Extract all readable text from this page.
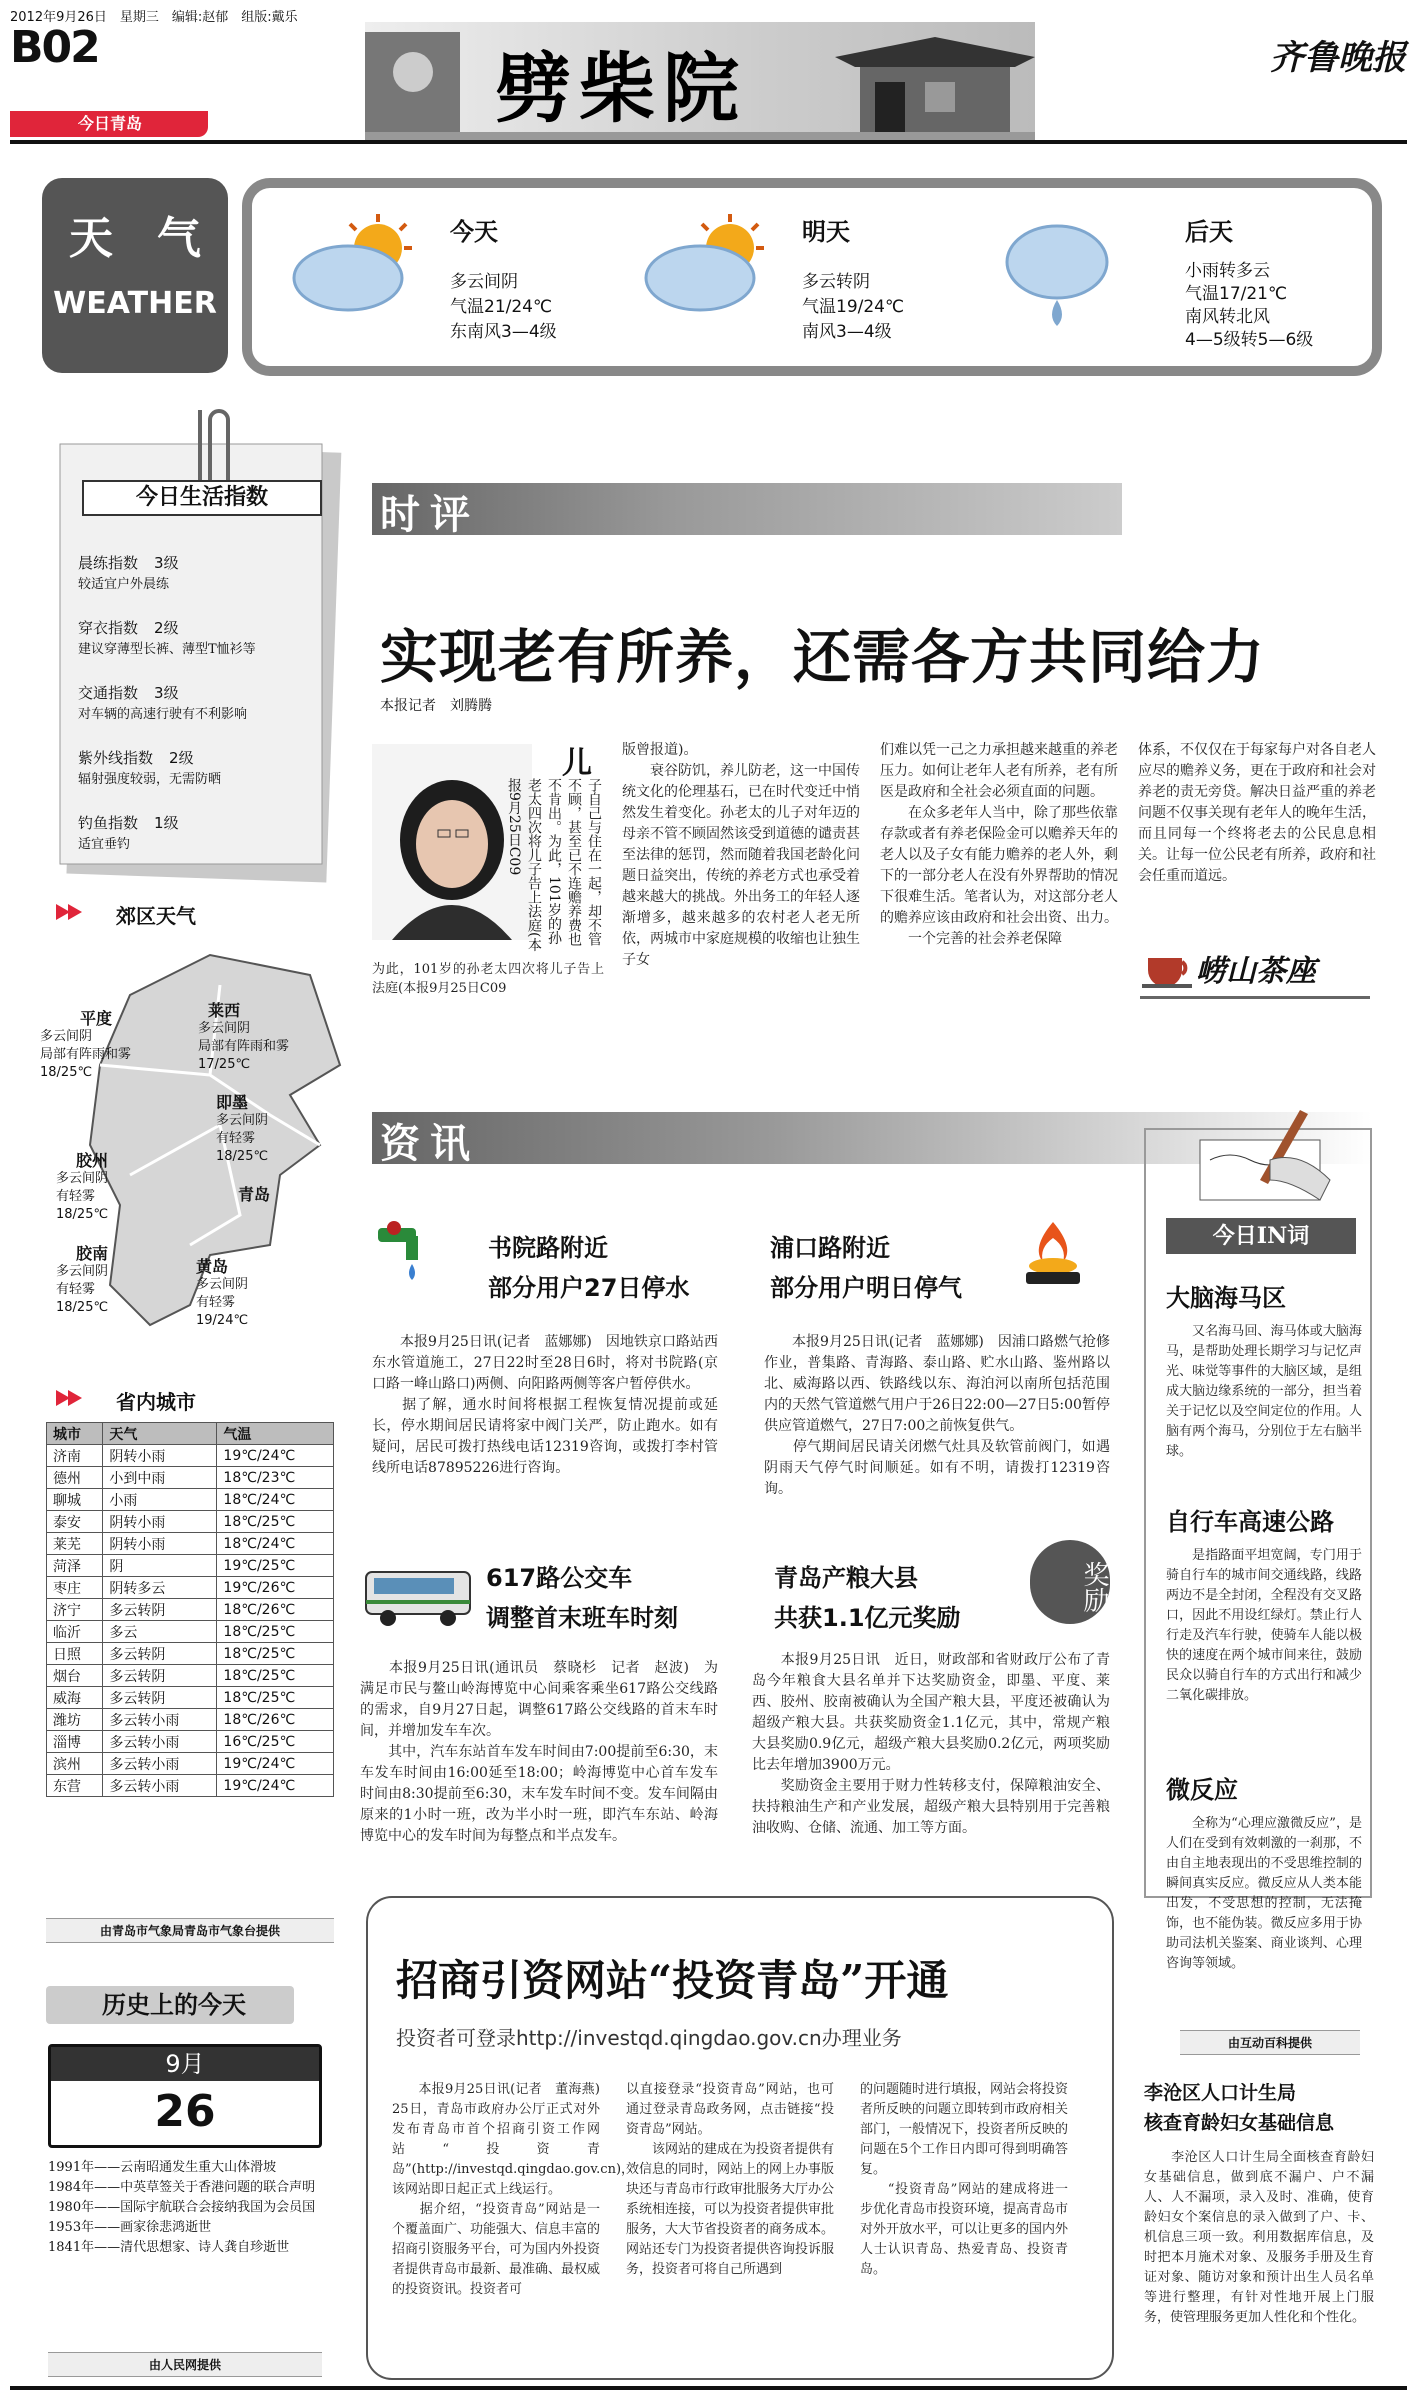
2012年9月26日　星期三　编辑:赵郁　组版:戴乐
B02
今日青岛	劈柴院	齐鲁晚报
天　气
WEATHER
今天
多云间阴
气温21/24℃
东南风3—4级
明天
多云转阴
气温19/24℃
南风3—4级
后天
小雨转多云
气温17/21℃
南风转北风
4—5级转5—6级
今日生活指数
晨练指数　 3级
较适宜户外晨练
穿衣指数　 2级
建议穿薄型长裤、薄型T恤衫等
交通指数　 3级
对车辆的高速行驶有不利影响
紫外线指数　 2级
辐射强度较弱，无需防晒
钓鱼指数　 1级
适宜垂钓
郊区天气
平度
多云间阴
局部有阵雨和雾
18/25℃
莱西
多云间阴
局部有阵雨和雾
17/25℃
即墨
多云间阴
有轻雾
18/25℃
胶州
多云间阴
有轻雾
18/25℃
青岛
胶南
多云间阴
有轻雾
18/25℃
黄岛
多云间阴
有轻雾
19/24℃
省内城市
城市	天气	气温
济南	阴转小雨	19℃/24℃
德州	小到中雨	18℃/23℃
聊城	小雨	18℃/24℃
泰安	阴转小雨	18℃/25℃
莱芜	阴转小雨	18℃/24℃
菏泽	阴	19℃/25℃
枣庄	阴转多云	19℃/26℃
济宁	多云转阴	18℃/26℃
临沂	多云	18℃/25℃
日照	多云转阴	18℃/25℃
烟台	多云转阴	18℃/25℃
威海	多云转阴	18℃/25℃
潍坊	多云转小雨	18℃/26℃
淄博	多云转小雨	16℃/25℃
滨州	多云转小雨	19℃/24℃
东营	多云转小雨	19℃/24℃
由青岛市气象局青岛市气象台提供
历史上的今天
9月
26
1991年——云南昭通发生重大山体滑坡
1984年——中英草签关于香港问题的联合声明
1980年——国际宇航联合会接纳我国为会员国
1953年——画家徐悲鸿逝世
1841年——清代思想家、诗人龚自珍逝世
由人民网提供
时评
实现老有所养，还需各方共同给力
本报记者　刘腾腾
儿
子自己与住在一起，却不管不顾，甚至已不连赡养费也不肯出。为此，101岁的孙老太四次将儿子告上法庭(本报9月25日C09
为此，101岁的孙老太四次将儿子告上法庭(本报9月25日C09
版曾报道)。
　　衰谷防饥，养儿防老，这一中国传统文化的伦理基石，已在时代变迁中悄然发生着变化。孙老太的儿子对年迈的母亲不管不顾固然该受到道德的谴责甚至法律的惩罚，然而随着我国老龄化问题日益突出，传统的养老方式也承受着越来越大的挑战。外出务工的年轻人逐渐增多，越来越多的农村老人老无所依，两城市中家庭规模的收缩也让独生子女
们难以凭一己之力承担越来越重的养老压力。如何让老年人老有所养，老有所医是政府和全社会必须直面的问题。
　　在众多老年人当中，除了那些依靠存款或者有养老保险金可以赡养天年的老人以及子女有能力赡养的老人外，剩下的一部分老人在没有外界帮助的情况下很难生活。笔者认为，对这部分老人的赡养应该由政府和社会出资、出力。
　　一个完善的社会养老保障
体系，不仅仅在于每家每户对各自老人应尽的赡养义务，更在于政府和社会对养老的责无旁贷。解决日益严重的养老问题不仅事关现有老年人的晚年生活，而且同每一个终将老去的公民息息相关。让每一位公民老有所养，政府和社会任重而道远。
崂山茶座
资讯
书院路附近
部分用户27日停水
　　本报9月25日讯(记者　蓝娜娜)　因地铁京口路站西东水管道施工，27日22时至28日6时，将对书院路(京口路一峰山路口)两侧、向阳路两侧等客户暂停供水。
　　据了解，通水时间将根据工程恢复情况提前或延长，停水期间居民请将家中阀门关严，防止跑水。如有疑问，居民可拨打热线电话12319咨询，或拨打李村管线所电话87895226进行咨询。
浦口路附近
部分用户明日停气
　　本报9月25日讯(记者　蓝娜娜)　因浦口路燃气抢修作业，普集路、青海路、泰山路、贮水山路、鉴州路以北、威海路以西、铁路线以东、海泊河以南所包括范围内的天然气管道燃气用户于26日22:00—27日5:00暂停供应管道燃气，27日7:00之前恢复供气。
　　停气期间居民请关闭燃气灶具及软管前阀门，如遇阴雨天气停气时间顺延。如有不明，请拨打12319咨询。
617路公交车
调整首末班车时刻
　　本报9月25日讯(通讯员　蔡晓杉　记者　赵波)　为满足市民与鳌山岭海博览中心间乘客乘坐617路公交线路的需求，自9月27日起，调整617路公交线路的首末车时间，并增加发车车次。
　　其中，汽车东站首车发车时间由7:00提前至6:30，末车发车时间由16:00延至18:00；岭海博览中心首车发车时间由8:30提前至6:30，末车发车时间不变。发车间隔由原来的1小时一班，改为半小时一班，即汽车东站、岭海博览中心的发车时间为每整点和半点发车。
青岛产粮大县
共获1.1亿元奖励
奖励
　　本报9月25日讯　近日，财政部和省财政厅公布了青岛今年粮食大县名单并下达奖励资金，即墨、平度、莱西、胶州、胶南被确认为全国产粮大县，平度还被确认为超级产粮大县。共获奖励资金1.1亿元，其中，常规产粮大县奖励0.9亿元，超级产粮大县奖励0.2亿元，两项奖励比去年增加3900万元。
　　奖励资金主要用于财力性转移支付，保障粮油安全、扶持粮油生产和产业发展，超级产粮大县特别用于完善粮油收购、仓储、流通、加工等方面。
招商引资网站“投资青岛”开通
投资者可登录http://investqd.qingdao.gov.cn办理业务
　　本报9月25日讯(记者　董海燕)　25日，青岛市政府办公厅正式对外发布青岛市首个招商引资工作网站“投资青岛”(http://investqd.qingdao.gov.cn)，该网站即日起正式上线运行。
　　据介绍，“投资青岛”网站是一个覆盖面广、功能强大、信息丰富的招商引资服务平台，可为国内外投资者提供青岛市最新、最准确、最权威的投资资讯。投资者可
以直接登录“投资青岛”网站，也可通过登录青岛政务网，点击链接“投资青岛”网站。
　　该网站的建成在为投资者提供有效信息的同时，网站上的网上办事版块还与青岛市行政审批服务大厅办公系统相连接，可以为投资者提供审批服务，大大节省投资者的商务成本。网站还专门为投资者提供咨询投诉服务，投资者可将自己所遇到
的问题随时进行填报，网站会将投资者所反映的问题立即转到市政府相关部门，一般情况下，投资者所反映的问题在5个工作日内即可得到明确答复。
　　“投资青岛”网站的建成将进一步优化青岛市投资环境，提高青岛市对外开放水平，可以让更多的国内外人士认识青岛、热爱青岛、投资青岛。
今日IN词
大脑海马区
又名海马回、海马体或大脑海马，是帮助处理长期学习与记忆声光、味觉等事件的大脑区域，是组成大脑边缘系统的一部分，担当着关于记忆以及空间定位的作用。人脑有两个海马，分别位于左右脑半球。
自行车高速公路
是指路面平坦宽阔，专门用于骑自行车的城市间交通线路，线路两边不是全封闭，全程没有交叉路口，因此不用设红绿灯。禁止行人行走及汽车行驶，使骑车人能以极快的速度在两个城市间来往，鼓励民众以骑自行车的方式出行和减少二氧化碳排放。
微反应
全称为“心理应激微反应”，是人们在受到有效刺激的一刹那，不由自主地表现出的不受思维控制的瞬间真实反应。微反应从人类本能出发，不受思想的控制，无法掩饰，也不能伪装。微反应多用于协助司法机关鉴案、商业谈判、心理咨询等领域。
由互动百科提供
李沧区人口计生局
核查育龄妇女基础信息
　　李沧区人口计生局全面核查育龄妇女基础信息，做到底不漏户、户不漏人、人不漏项，录入及时、准确，使育龄妇女个案信息的录入做到了户、卡、机信息三项一致。利用数据库信息，及时把本月施术对象、及服务手册及生育证对象、随访对象和预计出生人员名单等进行整理，有针对性地开展上门服务，使管理服务更加人性化和个性化。
